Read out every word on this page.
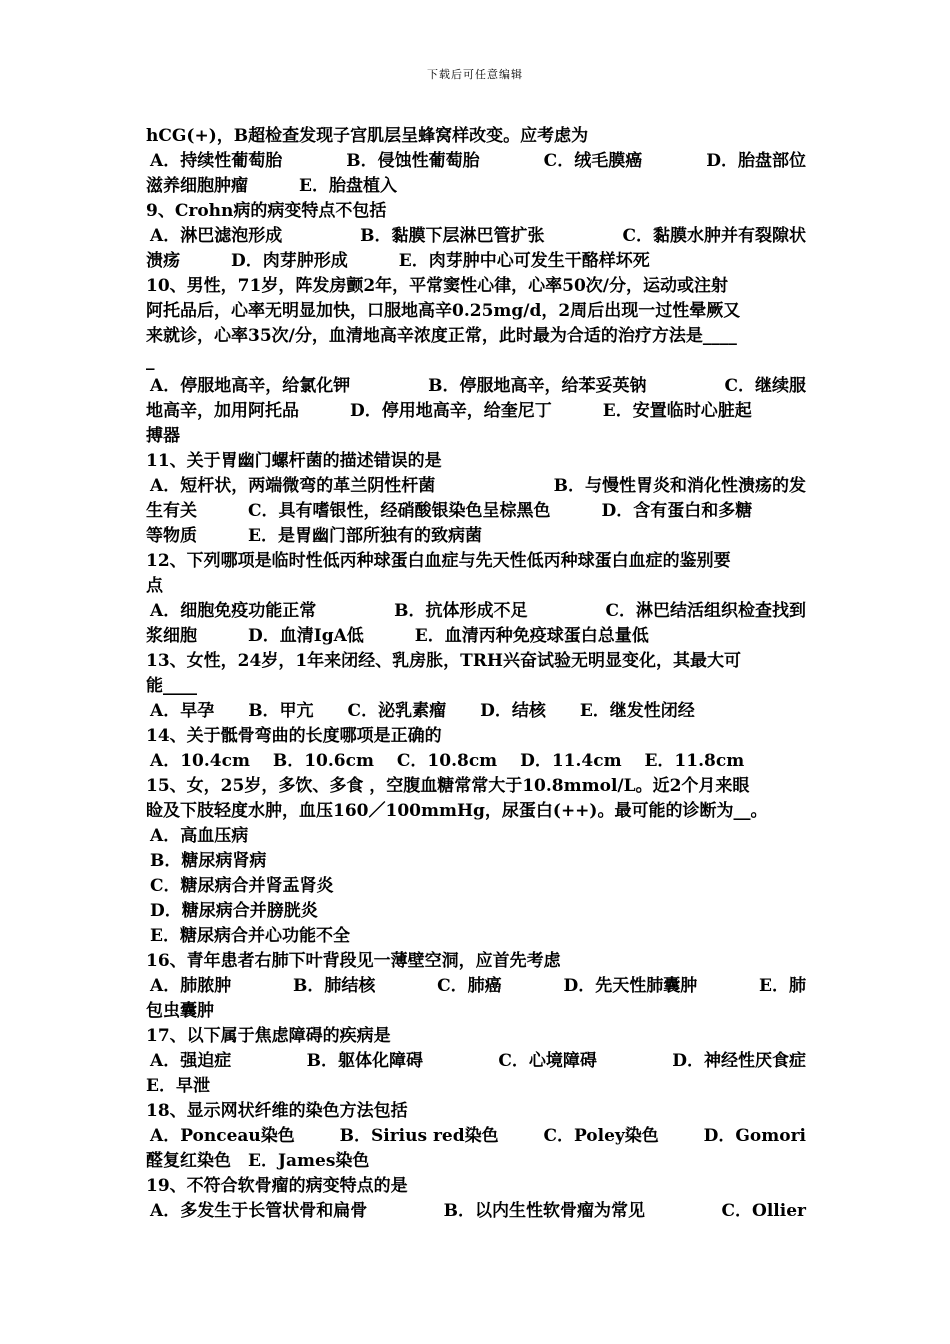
下载后可任意编辑
hCG(+)，B超检查发现子宫肌层呈蜂窝样改变。应考虑为
A．持续性葡萄胎	B．侵蚀性葡萄胎	C．绒毛膜癌	D．胎盘部位
滋养细胞肿瘤　　　E．胎盘植入
9、Crohn病的病变特点不包括
A．淋巴滤泡形成	B．黏膜下层淋巴管扩张	C．黏膜水肿并有裂隙状
溃疡　　　D．肉芽肿形成　　　E．肉芽肿中心可发生干酪样坏死
10、男性，71岁，阵发房颤2年，平常窦性心律，心率50次/分，运动或注射
阿托品后，心率无明显加快，口服地高辛0.25mg/d，2周后出现一过性晕厥又
来就诊，心率35次/分，血清地高辛浓度正常，此时最为合适的治疗方法是____
_
A．停服地高辛，给氯化钾	B．停服地高辛，给苯妥英钠	C．继续服
地高辛，加用阿托品　　　D．停用地高辛，给奎尼丁　　　E．安置临时心脏起
搏器
11、关于胃幽门螺杆菌的描述错误的是
A．短杆状，两端微弯的革兰阴性杆菌	B．与慢性胃炎和消化性溃疡的发
生有关　　　C．具有嗜银性，经硝酸银染色呈棕黑色　　　D．含有蛋白和多糖
等物质　　　E．是胃幽门部所独有的致病菌
12、下列哪项是临时性低丙种球蛋白血症与先天性低丙种球蛋白血症的鉴别要
点
A．细胞免疫功能正常	B．抗体形成不足	C．淋巴结活组织检查找到
浆细胞　　　D．血清IgA低　　　E．血清丙种免疫球蛋白总量低
13、女性，24岁，1年来闭经、乳房胀，TRH兴奋试验无明显变化，其最大可
能____
A．早孕　　B．甲亢　　C．泌乳素瘤　　D．结核　　E．继发性闭经
14、关于骶骨弯曲的长度哪项是正确的
A．10.4cm　 B．10.6cm　 C．10.8cm　 D．11.4cm　 E．11.8cm
15、女，25岁，多饮、多食 ，空腹血糖常常大于10.8mmol/L。近2个月来眼
睑及下肢轻度水肿，血压160／100mmHg，尿蛋白(++)。最可能的诊断为__。
A．高血压病
B．糖尿病肾病
C．糖尿病合并肾盂肾炎
D．糖尿病合并膀胱炎
E．糖尿病合并心功能不全
16、青年患者右肺下叶背段见一薄壁空洞，应首先考虑
A．肺脓肿	B．肺结核	C．肺癌	D．先天性肺囊肿	E．肺
包虫囊肿
17、以下属于焦虑障碍的疾病是
A．强迫症	B．躯体化障碍	C．心境障碍	D．神经性厌食症
E．早泄
18、显示网状纤维的染色方法包括
A．Ponceau染色	B．Sirius red染色	C．Poley染色	D．Gomori
醛复红染色　E．James染色
19、不符合软骨瘤的病变特点的是
A．多发生于长管状骨和扁骨	B．以内生性软骨瘤为常见	C．Ollier
